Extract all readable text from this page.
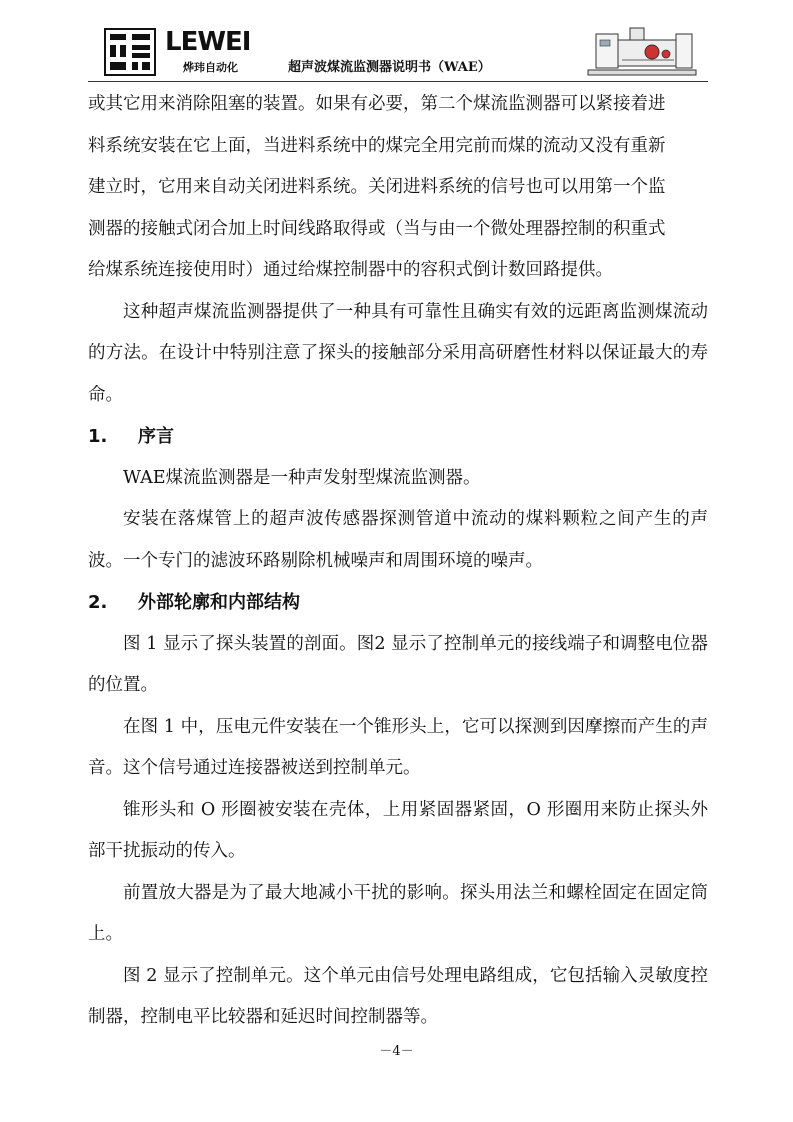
LEWEI
烨玮自动化	超声波煤流监测器说明书（WAE）

或其它用来消除阻塞的装置。如果有必要，第二个煤流监测器可以紧接着进
料系统安装在它上面，当进料系统中的煤完全用完前而煤的流动又没有重新
建立时，它用来自动关闭进料系统。关闭进料系统的信号也可以用第一个监
测器的接触式闭合加上时间线路取得或（当与由一个微处理器控制的积重式
给煤系统连接使用时）通过给煤控制器中的容积式倒计数回路提供。

这种超声煤流监测器提供了一种具有可靠性且确实有效的远距离监测煤流动的方法。在设计中特别注意了探头的接触部分采用高研磨性材料以保证最大的寿命。

1. 序言

WAE煤流监测器是一种声发射型煤流监测器。

安装在落煤管上的超声波传感器探测管道中流动的煤料颗粒之间产生的声波。一个专门的滤波环路剔除机械噪声和周围环境的噪声。

2. 外部轮廓和内部结构

图 1 显示了探头装置的剖面。图2 显示了控制单元的接线端子和调整电位器的位置。

在图 1 中，压电元件安装在一个锥形头上，它可以探测到因摩擦而产生的声音。这个信号通过连接器被送到控制单元。

锥形头和 O 形圈被安装在壳体，上用紧固器紧固，O 形圈用来防止探头外部干扰振动的传入。

前置放大器是为了最大地减小干扰的影响。探头用法兰和螺栓固定在固定筒上。

图 2 显示了控制单元。这个单元由信号处理电路组成，它包括输入灵敏度控制器，控制电平比较器和延迟时间控制器等。

－4－
